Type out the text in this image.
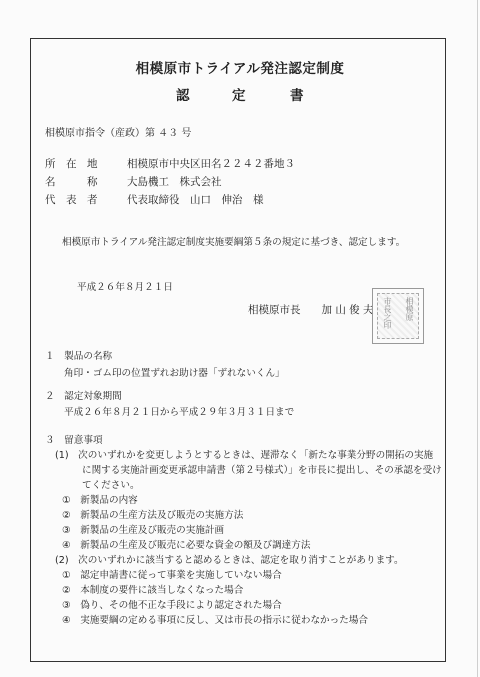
相模原市トライアル発注認定制度
認	定	書
相模原市指令（産政）第 ４３ 号
所　在　地	相模原市中央区田名２２４２番地３
名　　　称	大島機工　株式会社
代　表　者	代表取締役　山口　伸治　様
相模原市トライアル発注認定制度実施要綱第５条の規定に基づき、認定します。
平成２６年８月２１日
相模原市長　　加 山 俊 夫	相模原
市長之印
１　製品の名称
角印・ゴム印の位置ずれお助け器「ずれないくん」
２　認定対象期間
平成２６年８月２１日から平成２９年３月３１日まで
３　留意事項
(1)　次のいずれかを変更しようとするときは、遅滞なく「新たな事業分野の開拓の実施
に関する実施計画変更承認申請書（第２号様式）」を市長に提出し、その承認を受け
てください。
①　新製品の内容
②　新製品の生産方法及び販売の実施方法
③　新製品の生産及び販売の実施計画
④　新製品の生産及び販売に必要な資金の額及び調達方法
(2)　次のいずれかに該当すると認めるときは、認定を取り消すことがあります。
①　認定申請書に従って事業を実施していない場合
②　本制度の要件に該当しなくなった場合
③　偽り、その他不正な手段により認定された場合
④　実施要綱の定める事項に反し、又は市長の指示に従わなかった場合
